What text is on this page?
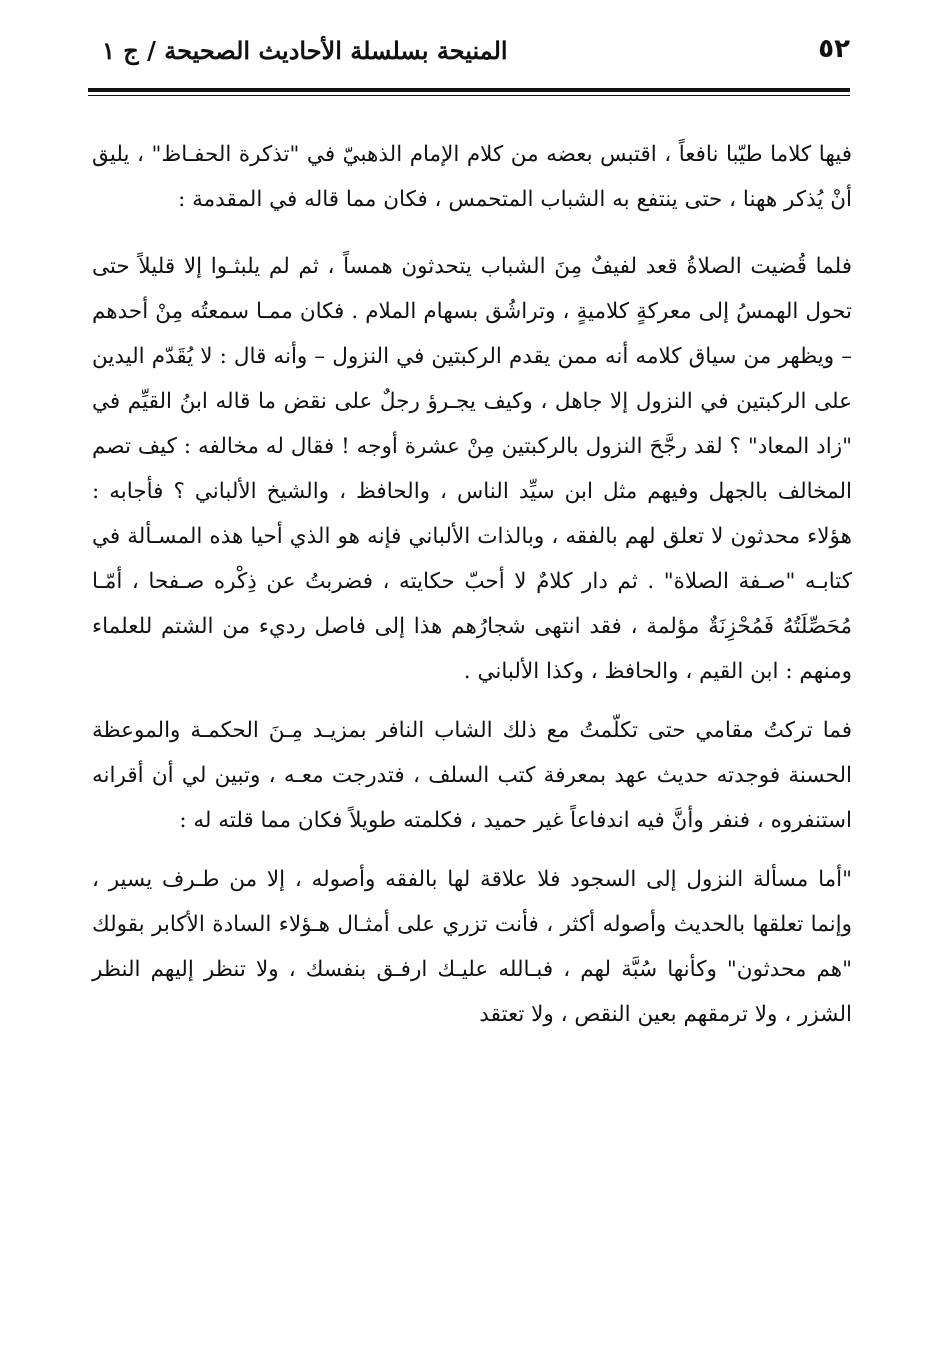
٥٢
المنيحة بسلسلة الأحاديث الصحيحة / ج ١

فيها كلاما طيّبا نافعاً ، اقتبس بعضه من كلام الإمام الذهبيّ في "تذكرة الحفـاظ" ، يليق أنْ يُذكر ههنا ، حتى ينتفع به الشباب المتحمس ، فكان مما قاله في المقدمة :

فلما قُضيت الصلاةُ قعد لفيفٌ مِنَ الشباب يتحدثون همساً ، ثم لم يلبثـوا إلا قليلاً حتى تحول الهمسُ إلى معركةٍ كلاميةٍ ، وتراشُق بسهام الملام . فكان ممـا سمعتُه مِنْ أحدهم – ويظهر من سياق كلامه أنه ممن يقدم الركبتين في النزول – وأنه قال : لا يُقَدّم اليدين على الركبتين في النزول إلا جاهل ، وكيف يجـرؤ رجلٌ على نقض ما قاله ابنُ القيِّم في "زاد المعاد" ؟ لقد رجَّحَ النزول بالركبتين مِنْ عشرة أوجه ! فقال له مخالفه : كيف تصم المخالف بالجهل وفيهم مثل ابن سيِّد الناس ، والحافظ ، والشيخ الألباني ؟ فأجابه : هؤلاء محدثون لا تعلق لهم بالفقه ، وبالذات الألباني فإنه هو الذي أحيا هذه المسـألة في كتابـه "صـفة الصلاة" . ثم دار كلامٌ لا أحبّ حكايته ، فضربتُ عن ذِكْره صـفحا ، أمّـا مُحَصِّلَتُهُ فَمُحْزِنَةٌ مؤلمة ، فقد انتهى شجارُهم هذا إلى فاصل رديء من الشتم للعلماء ومنهم : ابن القيم ، والحافظ ، وكذا الألباني .

فما تركتُ مقامي حتى تكلّمتُ مع ذلك الشاب النافر بمزيـد مِـنَ الحكمـة والموعظة الحسنة فوجدته حديث عهد بمعرفة كتب السلف ، فتدرجت معـه ، وتبين لي أن أقرانه استنفروه ، فنفر وأنَّ فيه اندفاعاً غير حميد ، فكلمته طويلاً فكان مما قلته له :

"أما مسألة النزول إلى السجود فلا علاقة لها بالفقه وأصوله ، إلا من طـرف يسير ، وإنما تعلقها بالحديث وأصوله أكثر ، فأنت تزري على أمثـال هـؤلاء السادة الأكابر بقولك "هم محدثون" وكأنها سُبَّة لهم ، فبـالله عليـك ارفـق بنفسك ، ولا تنظر إليهم النظر الشزر ، ولا ترمقهم بعين النقص ، ولا تعتقد
